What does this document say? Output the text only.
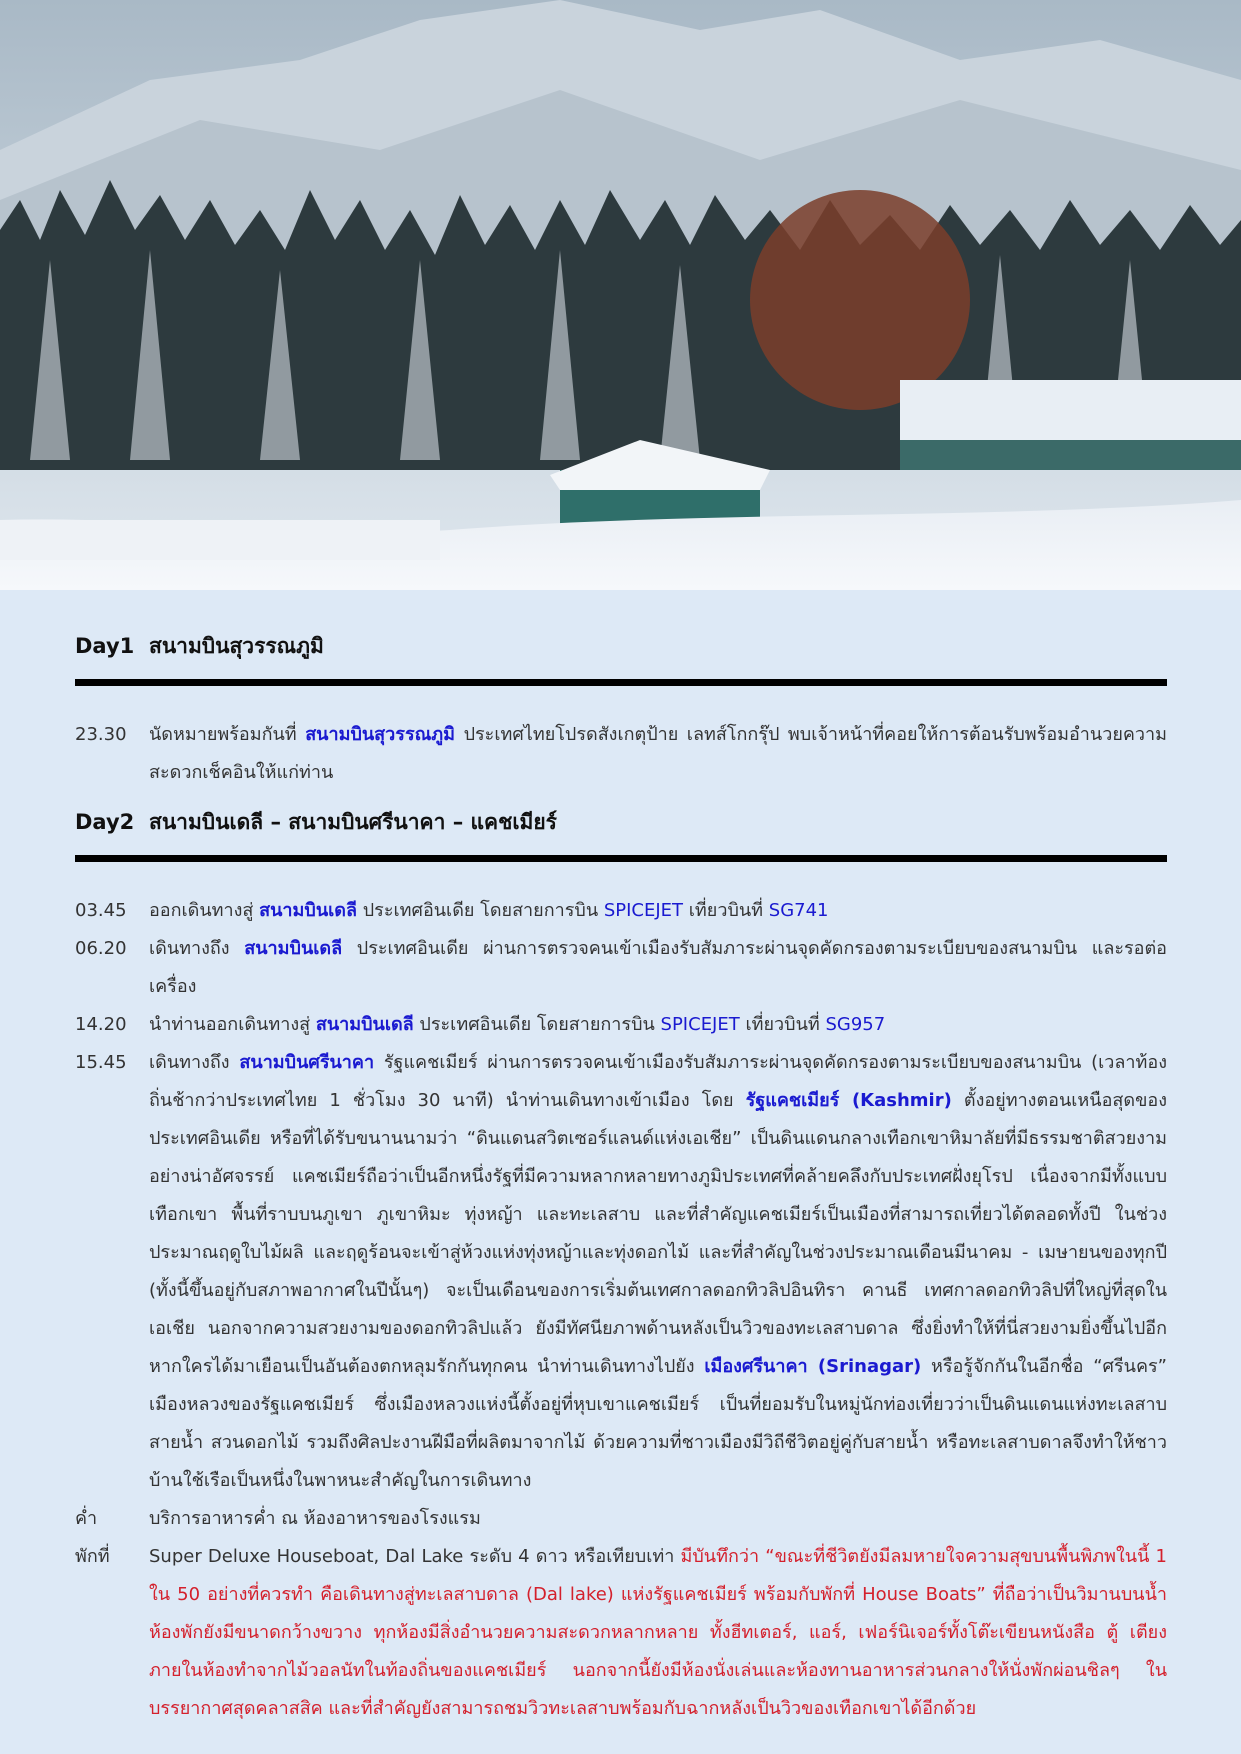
Day1 สนามบินสุวรรณภูมิ
23.30	นัดหมายพร้อมกันที่ สนามบินสุวรรณภูมิ ประเทศไทยโปรดสังเกตุป้าย เลทส์โกกรุ๊ป พบเจ้าหน้าที่คอยให้การต้อนรับพร้อมอำนวยความสะดวกเช็คอินให้แก่ท่าน
Day2 สนามบินเดลี – สนามบินศรีนาคา – แคชเมียร์
03.45	ออกเดินทางสู่ สนามบินเดลี ประเทศอินเดีย โดยสายการบิน SPICEJET เที่ยวบินที่ SG741
06.20	เดินทางถึง สนามบินเดลี ประเทศอินเดีย ผ่านการตรวจคนเข้าเมืองรับสัมภาระผ่านจุดคัดกรองตามระเบียบของสนามบิน และรอต่อเครื่อง
14.20	นำท่านออกเดินทางสู่ สนามบินเดลี ประเทศอินเดีย โดยสายการบิน SPICEJET เที่ยวบินที่ SG957
15.45	เดินทางถึง สนามบินศรีนาคา รัฐแคชเมียร์ ผ่านการตรวจคนเข้าเมืองรับสัมภาระผ่านจุดคัดกรองตามระเบียบของสนามบิน (เวลาท้องถิ่นช้ากว่าประเทศไทย 1 ชั่วโมง 30 นาที) นำท่านเดินทางเข้าเมือง โดย รัฐแคชเมียร์ (Kashmir) ตั้งอยู่ทางตอนเหนือสุดของประเทศอินเดีย หรือที่ได้รับขนานนามว่า “ดินแดนสวิตเซอร์แลนด์แห่งเอเชีย” เป็นดินแดนกลางเทือกเขาหิมาลัยที่มีธรรมชาติสวยงามอย่างน่าอัศจรรย์ แคชเมียร์ถือว่าเป็นอีกหนึ่งรัฐที่มีความหลากหลายทางภูมิประเทศที่คล้ายคลึงกับประเทศฝั่งยุโรป เนื่องจากมีทั้งแบบเทือกเขา พื้นที่ราบบนภูเขา ภูเขาหิมะ ทุ่งหญ้า และทะเลสาบ และที่สำคัญแคชเมียร์เป็นเมืองที่สามารถเที่ยวได้ตลอดทั้งปี ในช่วงประมาณฤดูใบไม้ผลิ และฤดูร้อนจะเข้าสู่ห้วงแห่งทุ่งหญ้าและทุ่งดอกไม้ และที่สำคัญในช่วงประมาณเดือนมีนาคม - เมษายนของทุกปี (ทั้งนี้ขึ้นอยู่กับสภาพอากาศในปีนั้นๆ) จะเป็นเดือนของการเริ่มต้นเทศกาลดอกทิวลิปอินทิรา คานธี เทศกาลดอกทิวลิปที่ใหญ่ที่สุดในเอเชีย นอกจากความสวยงามของดอกทิวลิปแล้ว ยังมีทัศนียภาพด้านหลังเป็นวิวของทะเลสาบดาล ซึ่งยิ่งทำให้ที่นี่สวยงามยิ่งขึ้นไปอีก หากใครได้มาเยือนเป็นอันต้องตกหลุมรักกันทุกคน นำท่านเดินทางไปยัง เมืองศรีนาคา (Srinagar) หรือรู้จักกันในอีกชื่อ “ศรีนคร” เมืองหลวงของรัฐแคชเมียร์ ซึ่งเมืองหลวงแห่งนี้ตั้งอยู่ที่หุบเขาแคชเมียร์ เป็นที่ยอมรับในหมู่นักท่องเที่ยวว่าเป็นดินแดนแห่งทะเลสาบ สายน้ำ สวนดอกไม้ รวมถึงศิลปะงานฝีมือที่ผลิตมาจากไม้ ด้วยความที่ชาวเมืองมีวิถีชีวิตอยู่คู่กับสายน้ำ หรือทะเลสาบดาลจึงทำให้ชาวบ้านใช้เรือเป็นหนึ่งในพาหนะสำคัญในการเดินทาง
ค่ำ	บริการอาหารค่ำ ณ ห้องอาหารของโรงแรม
พักที่	Super Deluxe Houseboat, Dal Lake ระดับ 4 ดาว หรือเทียบเท่า มีบันทึกว่า “ขณะที่ชีวิตยังมีลมหายใจความสุขบนพื้นพิภพในนี้ 1 ใน 50 อย่างที่ควรทำ คือเดินทางสู่ทะเลสาบดาล (Dal lake) แห่งรัฐแคชเมียร์ พร้อมกับพักที่ House Boats” ที่ถือว่าเป็นวิมานบนน้ำ ห้องพักยังมีขนาดกว้างขวาง ทุกห้องมีสิ่งอำนวยความสะดวกหลากหลาย ทั้งฮีทเตอร์, แอร์, เฟอร์นิเจอร์ทั้งโต๊ะเขียนหนังสือ ตู้ เตียง ภายในห้องทำจากไม้วอลนัทในท้องถิ่นของแคชเมียร์ นอกจากนี้ยังมีห้องนั่งเล่นและห้องทานอาหารส่วนกลางให้นั่งพักผ่อนชิลๆ ในบรรยากาศสุดคลาสสิค และที่สำคัญยังสามารถชมวิวทะเลสาบพร้อมกับฉากหลังเป็นวิวของเทือกเขาได้อีกด้วย
